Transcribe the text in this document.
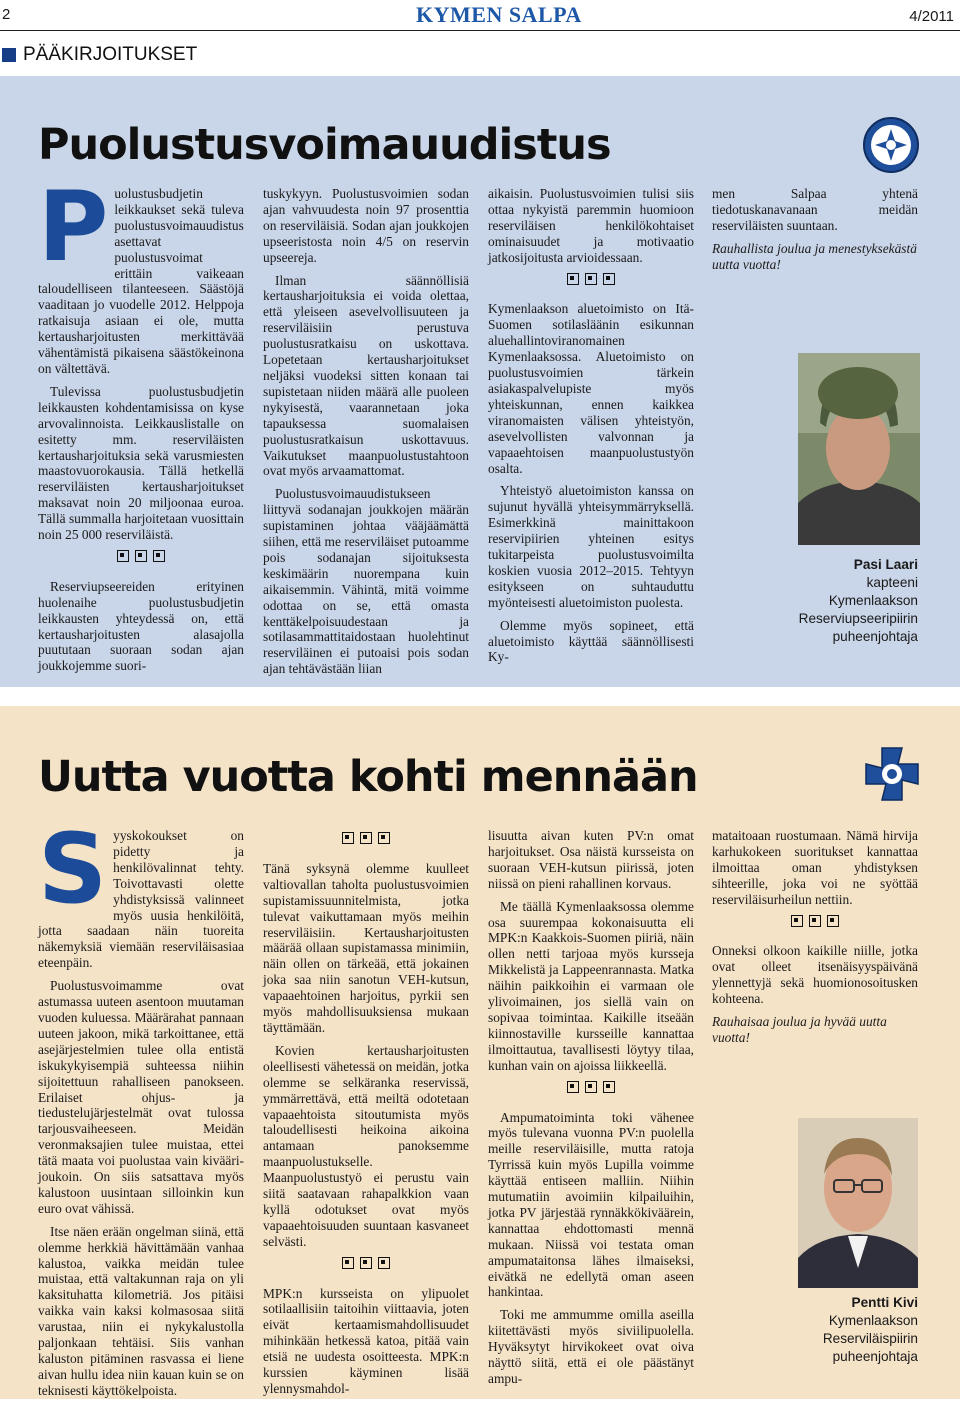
2	KYMEN SALPA	4/2011
PÄÄKIRJOITUKSET
Puolustusvoimauudistus

Puolustusbudjetin leikkaukset sekä tuleva puolustusvoimauudistus asettavat puolustusvoimat erittäin vaikeaan taloudelliseen tilanteeseen. Säästöjä vaaditaan jo vuodelle 2012. Helppoja ratkaisuja asiaan ei ole, mutta kertausharjoitusten merkittävää vähentämistä pikaisena säästökeinona on vältettävä.

Tulevissa puolustusbudjetin leikkausten kohdentamisissa on kyse arvovalinnoista. Leikkauslistalle on esitetty mm. reserviläisten kertausharjoituksia sekä varusmiesten maastovuorokausia. Tällä hetkellä reserviläisten kertausharjoitukset maksavat noin 20 miljoonaa euroa. Tällä summalla harjoitetaan vuosittain noin 25 000 reserviläistä.

Reserviupseereiden erityinen huolenaihe puolustusbudjetin leikkausten yhteydessä on, että kertausharjoitusten alasajolla puututaan suoraan sodan ajan joukkojemme suori-

tuskykyyn. Puolustusvoimien sodan ajan vahvuudesta noin 97 prosenttia on reserviläisiä. Sodan ajan joukkojen upseeristosta noin 4/5 on reservin upseereja.

Ilman säännöllisiä kertausharjoituksia ei voida olettaa, että yleiseen asevelvollisuuteen ja reserviläisiin perustuva puolustusratkaisu on uskottava. Lopetetaan kertausharjoitukset neljäksi vuodeksi sitten konaan tai supistetaan niiden määrä alle puoleen nykyisestä, vaarannetaan joka tapauksessa suomalaisen puolustusratkaisun uskottavuus. Vaikutukset maanpuolustustahtoon ovat myös arvaamattomat.

Puolustusvoimauudistukseen liittyvä sodanajan joukkojen määrän supistaminen johtaa vääjäämättä siihen, että me reserviläiset putoamme pois sodanajan sijoituksesta keskimäärin nuorempana kuin aikaisemmin. Vähintä, mitä voimme odottaa on se, että omasta kenttäkelpoisuudestaan ja sotilasammattitaidostaan huolehtinut reserviläinen ei putoaisi pois sodan ajan tehtävästään liian

aikaisin. Puolustusvoimien tulisi siis ottaa nykyistä paremmin huomioon reserviläisen henkilökohtaiset ominaisuudet ja motivaatio jatkosijoitusta arvioidessaan.

Kymenlaakson aluetoimisto on Itä-Suomen sotilasläänin esikunnan aluehallintoviranomainen Kymenlaaksossa. Aluetoimisto on puolustusvoimien tärkein asiakaspalvelupiste myös yhteiskunnan, ennen kaikkea viranomaisten välisen yhteistyön, asevelvollisten valvonnan ja vapaaehtoisen maanpuolustustyön osalta.

Yhteistyö aluetoimiston kanssa on sujunut hyvällä yhteisymmärryksellä. Esimerkkinä mainittakoon reservipiirien yhteinen esitys tukitarpeista puolustusvoimilta koskien vuosia 2012–2015. Tehtyyn esitykseen on suhtauduttu myönteisesti aluetoimiston puolesta.

Olemme myös sopineet, että aluetoimisto käyttää säännöllisesti Ky-

men Salpaa yhtenä tiedotuskanavanaan meidän reserviläisten suuntaan.

Rauhallista joulua ja menestyksekästä uutta vuotta!

Pasi Laari
kapteeni
Kymenlaakson
Reserviupseeripiirin
puheenjohtaja
Uutta vuotta kohti mennään

Syyskokoukset on pidetty ja henkilövalinnat tehty. Toivottavasti olette yhdistyksissä valinneet myös uusia henkilöitä, jotta saadaan näin tuoreita näkemyksiä viemään reserviläisasiaa eteenpäin.

Puolustusvoimamme ovat astumassa uuteen asentoon muutaman vuoden kuluessa. Määrärahat pannaan uuteen jakoon, mikä tarkoittanee, että asejärjestelmien tulee olla entistä iskukykyisempiä suhteessa niihin sijoitettuun rahalliseen panokseen. Erilaiset ohjus- ja tiedustelujärjestelmät ovat tulossa tarjousvaiheeseen. Meidän veronmaksajien tulee muistaa, ettei tätä maata voi puolustaa vain kivääri-joukoin. On siis satsattava myös kalustoon uusintaan silloinkin kun euro ovat vähissä.

Itse näen erään ongelman siinä, että olemme herkkiä hävittämään vanhaa kalustoa, vaikka meidän tulee muistaa, että valtakunnan raja on yli kaksituhatta kilometriä. Jos pitäisi vaikka vain kaksi kolmasosaa siitä varustaa, niin ei nykykalustolla paljonkaan tehtäisi. Siis vanhan kaluston pitäminen rasvassa ei liene aivan hullu idea niin kauan kuin se on teknisesti käyttökelpoista.

Tänä syksynä olemme kuulleet valtiovallan taholta puolustusvoimien supistamissuunnitelmista, jotka tulevat vaikuttamaan myös meihin reserviläisiin. Kertausharjoitusten määrää ollaan supistamassa minimiin, näin ollen on tärkeää, että jokainen joka saa niin sanotun VEH-kutsun, vapaaehtoinen harjoitus, pyrkii sen myös mahdollisuuksiensa mukaan täyttämään.

Kovien kertausharjoitusten oleellisesti vähetessä on meidän, jotka olemme se selkäranka reservissä, ymmärrettävä, että meiltä odotetaan vapaaehtoista sitoutumista myös taloudellisesti heikoina aikoina antamaan panoksemme maanpuolustukselle. Maanpuolustustyö ei perustu vain siitä saatavaan rahapalkkion vaan kyllä odotukset ovat myös vapaaehtoisuuden suuntaan kasvaneet selvästi.

MPK:n kursseista on ylipuolet sotilaallisiin taitoihin viittaavia, joten eivät kertaamismahdollisuudet mihinkään hetkessä katoa, pitää vain etsiä ne uudesta osoitteesta. MPK:n kurssien käyminen lisää ylennysmahdol-

lisuutta aivan kuten PV:n omat harjoitukset. Osa näistä kursseista on suoraan VEH-kutsun piirissä, joten niissä on pieni rahallinen korvaus.

Me täällä Kymenlaaksossa olemme osa suurempaa kokonaisuutta eli MPK:n Kaakkois-Suomen piiriä, näin ollen netti tarjoaa myös kursseja Mikkelistä ja Lappeenrannasta. Matka näihin paikkoihin ei varmaan ole ylivoimainen, jos siellä vain on sopivaa toimintaa. Kaikille itseään kiinnostaville kursseille kannattaa ilmoittautua, tavallisesti löytyy tilaa, kunhan vain on ajoissa liikkeellä.

Ampumatoiminta toki vähenee myös tulevana vuonna PV:n puolella meille reserviläisille, mutta ratoja Tyrrissä kuin myös Lupilla voimme käyttää entiseen malliin. Niihin mutumatiin avoimiin kilpailuihin, jotka PV järjestää rynnäkkökiväärein, kannattaa ehdottomasti mennä mukaan. Niissä voi testata oman ampumataitonsa lähes ilmaiseksi, eivätkä ne edellytä oman aseen hankintaa.

Toki me ammumme omilla aseilla kiitettävästi myös siviilipuolella. Hyväksytyt hirvikokeet ovat oiva näyttö siitä, että ei ole päästänyt ampu-

mataitoaan ruostumaan. Nämä hirvija karhukokeen suoritukset kannattaa ilmoittaa oman yhdistyksen sihteerille, joka voi ne syöttää reserviläisurheilun nettiin.

Onneksi olkoon kaikille niille, jotka ovat olleet itsenäisyyspäivänä ylennettyjä sekä huomionosoitusken kohteena.

Rauhaisaa joulua ja hyvää uutta vuotta!

Pentti Kivi
Kymenlaakson
Reserviläispiirin
puheenjohtaja
